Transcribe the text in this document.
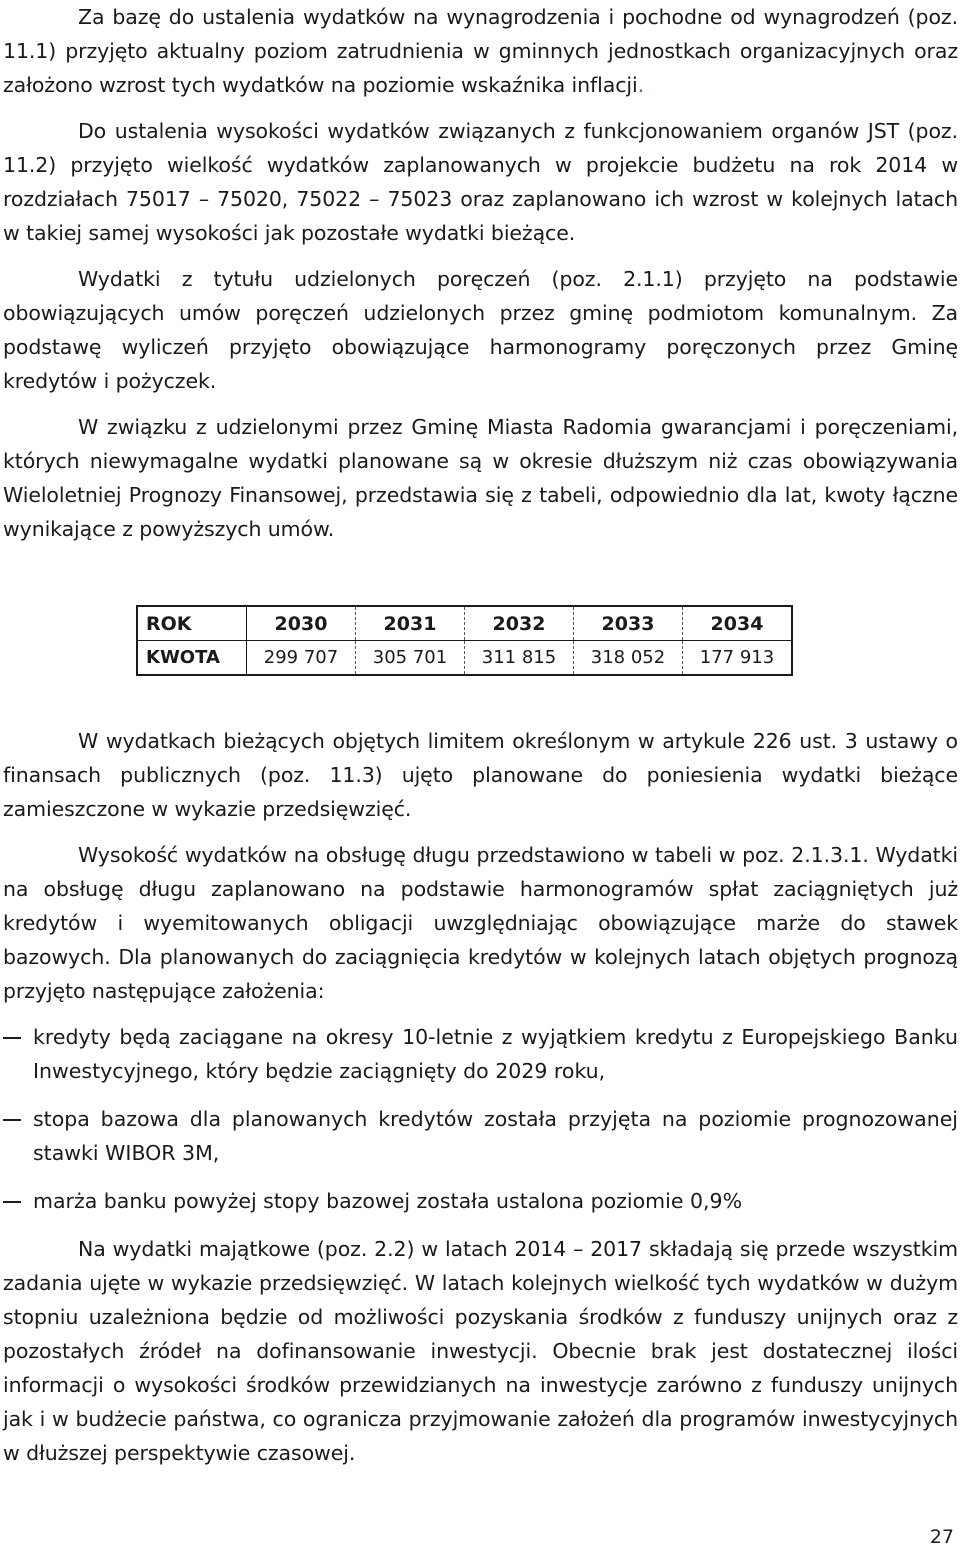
Za bazę do ustalenia wydatków na wynagrodzenia i pochodne od wynagrodzeń (poz. 11.1) przyjęto aktualny poziom zatrudnienia w gminnych jednostkach organizacyjnych oraz założono wzrost tych wydatków na poziomie wskaźnika inflacji.

Do ustalenia wysokości wydatków związanych z funkcjonowaniem organów JST (poz. 11.2) przyjęto wielkość wydatków zaplanowanych w projekcie budżetu na rok 2014 w rozdziałach 75017 – 75020, 75022 – 75023 oraz zaplanowano ich wzrost w kolejnych latach w takiej samej wysokości jak pozostałe wydatki bieżące.

Wydatki z tytułu udzielonych poręczeń (poz. 2.1.1) przyjęto na podstawie obowiązujących umów poręczeń udzielonych przez gminę podmiotom komunalnym. Za podstawę wyliczeń przyjęto obowiązujące harmonogramy poręczonych przez Gminę kredytów i pożyczek.

W związku z udzielonymi przez Gminę Miasta Radomia gwarancjami i poręczeniami, których niewymagalne wydatki planowane są w okresie dłuższym niż czas obowiązywania Wieloletniej Prognozy Finansowej, przedstawia się z tabeli, odpowiednio dla lat, kwoty łączne wynikające z powyższych umów.

ROK	2030	2031	2032	2033	2034
KWOTA	299 707	305 701	311 815	318 052	177 913

W wydatkach bieżących objętych limitem określonym w artykule 226 ust. 3 ustawy o finansach publicznych (poz. 11.3) ujęto planowane do poniesienia wydatki bieżące zamieszczone w wykazie przedsięwzięć.

Wysokość wydatków na obsługę długu przedstawiono w tabeli w poz. 2.1.3.1. Wydatki na obsługę długu zaplanowano na podstawie harmonogramów spłat zaciągniętych już kredytów i wyemitowanych obligacji uwzględniając obowiązujące marże do stawek bazowych. Dla planowanych do zaciągnięcia kredytów w kolejnych latach objętych prognozą przyjęto następujące założenia:

kredyty będą zaciągane na okresy 10-letnie z wyjątkiem kredytu z Europejskiego Banku Inwestycyjnego, który będzie zaciągnięty do 2029 roku,
stopa bazowa dla planowanych kredytów została przyjęta na poziomie prognozowanej stawki WIBOR 3M,
marża banku powyżej stopy bazowej została ustalona poziomie 0,9%

Na wydatki majątkowe (poz. 2.2) w latach 2014 – 2017 składają się przede wszystkim zadania ujęte w wykazie przedsięwzięć. W latach kolejnych wielkość tych wydatków w dużym stopniu uzależniona będzie od możliwości pozyskania środków z funduszy unijnych oraz z pozostałych źródeł na dofinansowanie inwestycji. Obecnie brak jest dostatecznej ilości informacji o wysokości środków przewidzianych na inwestycje zarówno z funduszy unijnych jak i w budżecie państwa, co ogranicza przyjmowanie założeń dla programów inwestycyjnych w dłuższej perspektywie czasowej.

27
